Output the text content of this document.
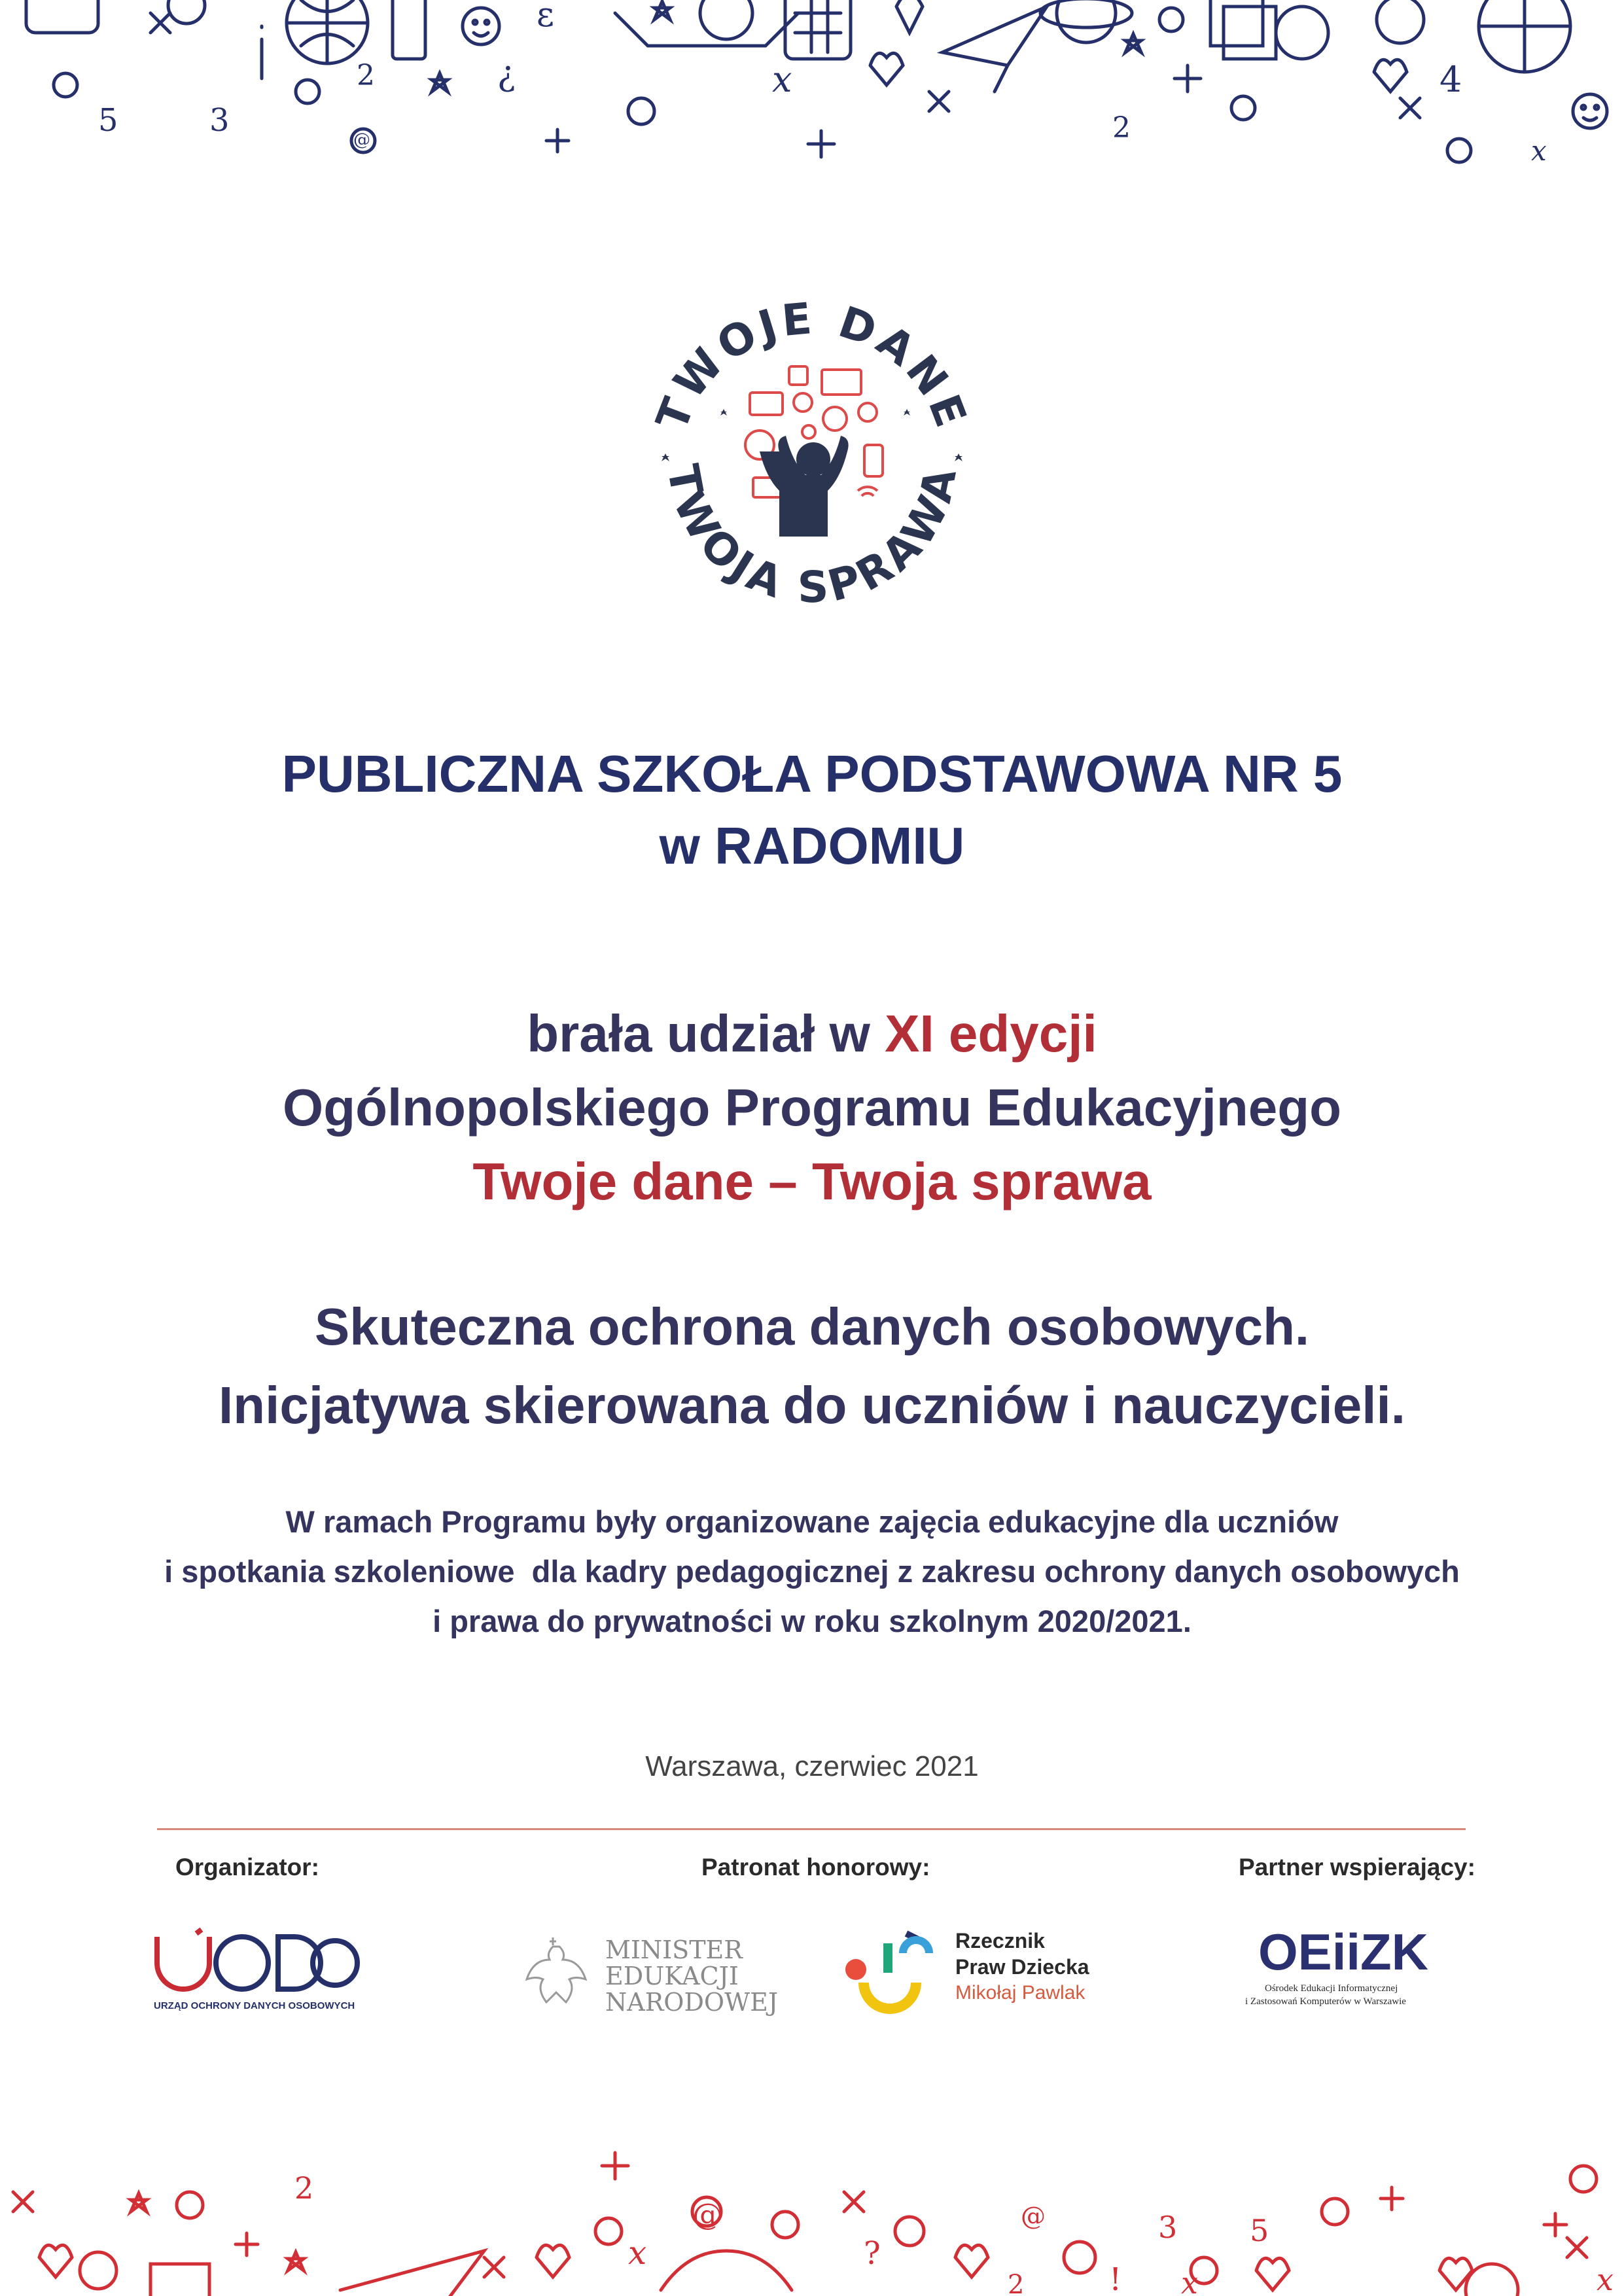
5	3
2
@
¿
ε
x
2
4
x
TWOJE DANE
TWOJA SPRAWA
PUBLICZNA SZKOŁA PODSTAWOWA NR 5
w RADOMIU
brała udział w XI edycji
Ogólnopolskiego Programu Edukacyjnego
Twoje dane – Twoja sprawa
Skuteczna ochrona danych osobowych.
Inicjatywa skierowana do uczniów i nauczycieli.
W ramach Programu były organizowane zajęcia edukacyjne dla uczniów
i spotkania szkoleniowe  dla kadry pedagogicznej z zakresu ochrony danych osobowych
i prawa do prywatności w roku szkolnym 2020/2021.
Warszawa, czerwiec 2021
Organizator:	Patronat honorowy:	Partner wspierający:
URZĄD OCHRONY DANYCH OSOBOWYCH
MINISTER
EDUKACJI
NARODOWEJ
Rzecznik
Praw Dziecka
Mikołaj Pawlak
OEiiZK
Ośrodek Edukacji Informatycznej
i Zastosowań Komputerów w Warszawie
2
x
@
?
@
2	!
3
x
5
x
